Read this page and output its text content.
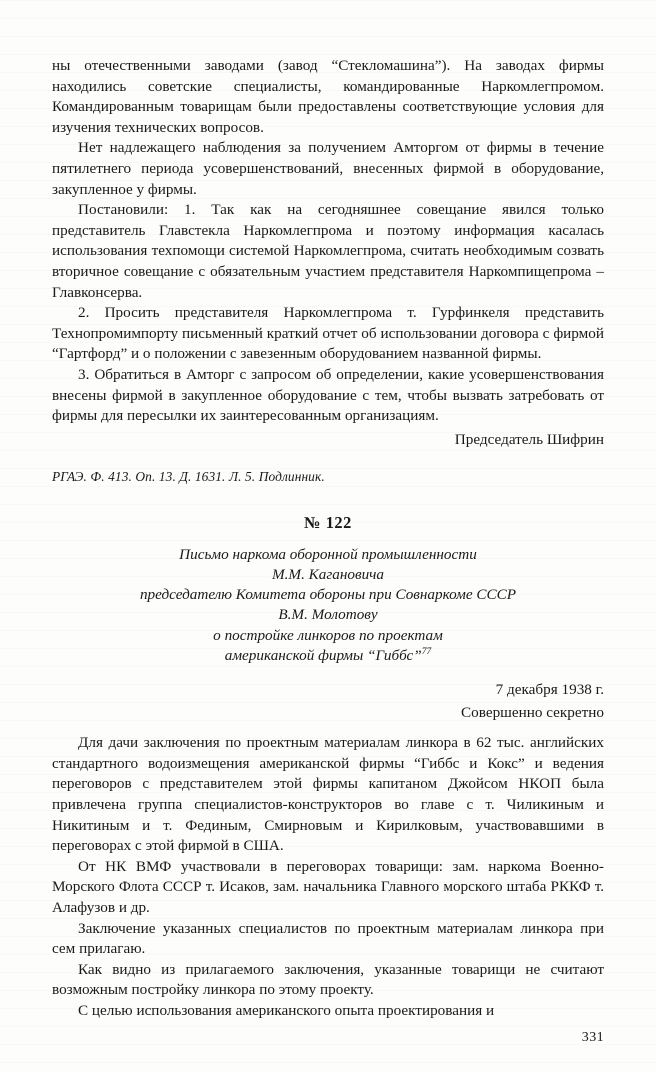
ны отечественными заводами (завод “Стекломашина”). На заводах фирмы находились советские специалисты, командированные Наркомлегпромом. Командированным товарищам были предоставлены соответствующие условия для изучения технических вопросов.

Нет надлежащего наблюдения за получением Амторгом от фирмы в течение пятилетнего периода усовершенствований, внесенных фирмой в оборудование, закупленное у фирмы.

Постановили: 1. Так как на сегодняшнее совещание явился только представитель Главстекла Наркомлегпрома и поэтому информация касалась использования техпомощи системой Наркомлегпрома, считать необходимым созвать вторичное совещание с обязательным участием представителя Наркомпищепрома – Главконсерва.

2. Просить представителя Наркомлегпрома т. Гурфинкеля представить Технопромимпорту письменный краткий отчет об использовании договора с фирмой “Гартфорд” и о положении с завезенным оборудованием названной фирмы.

3. Обратиться в Амторг с запросом об определении, какие усовершенствования внесены фирмой в закупленное оборудование с тем, чтобы вызвать затребовать от фирмы для пересылки их заинтересованным организациям.

Председатель Шифрин

РГАЭ. Ф. 413. Оп. 13. Д. 1631. Л. 5. Подлинник.
№ 122
Письмо наркома оборонной промышленности
М.М. Кагановича
председателю Комитета обороны при Совнаркоме СССР
В.М. Молотову
о постройке линкоров по проектам
американской фирмы “Гиббс”$^{77}$
7 декабря 1938 г.
Совершенно секретно

Для дачи заключения по проектным материалам линкора в 62 тыс. английских стандартного водоизмещения американской фирмы “Гиббс и Кокс” и ведения переговоров с представителем этой фирмы капитаном Джойсом НКОП была привлечена группа специалистов-конструкторов во главе с т. Чиликиным и Никитиным и т. Фединым, Смирновым и Кирилковым, участвовавшими в переговорах с этой фирмой в США.

От НК ВМФ участвовали в переговорах товарищи: зам. наркома Военно-Морского Флота СССР т. Исаков, зам. начальника Главного морского штаба РККФ т. Алафузов и др.

Заключение указанных специалистов по проектным материалам линкора при сем прилагаю.

Как видно из прилагаемого заключения, указанные товарищи не считают возможным постройку линкора по этому проекту.

С целью использования американского опыта проектирования и

331
